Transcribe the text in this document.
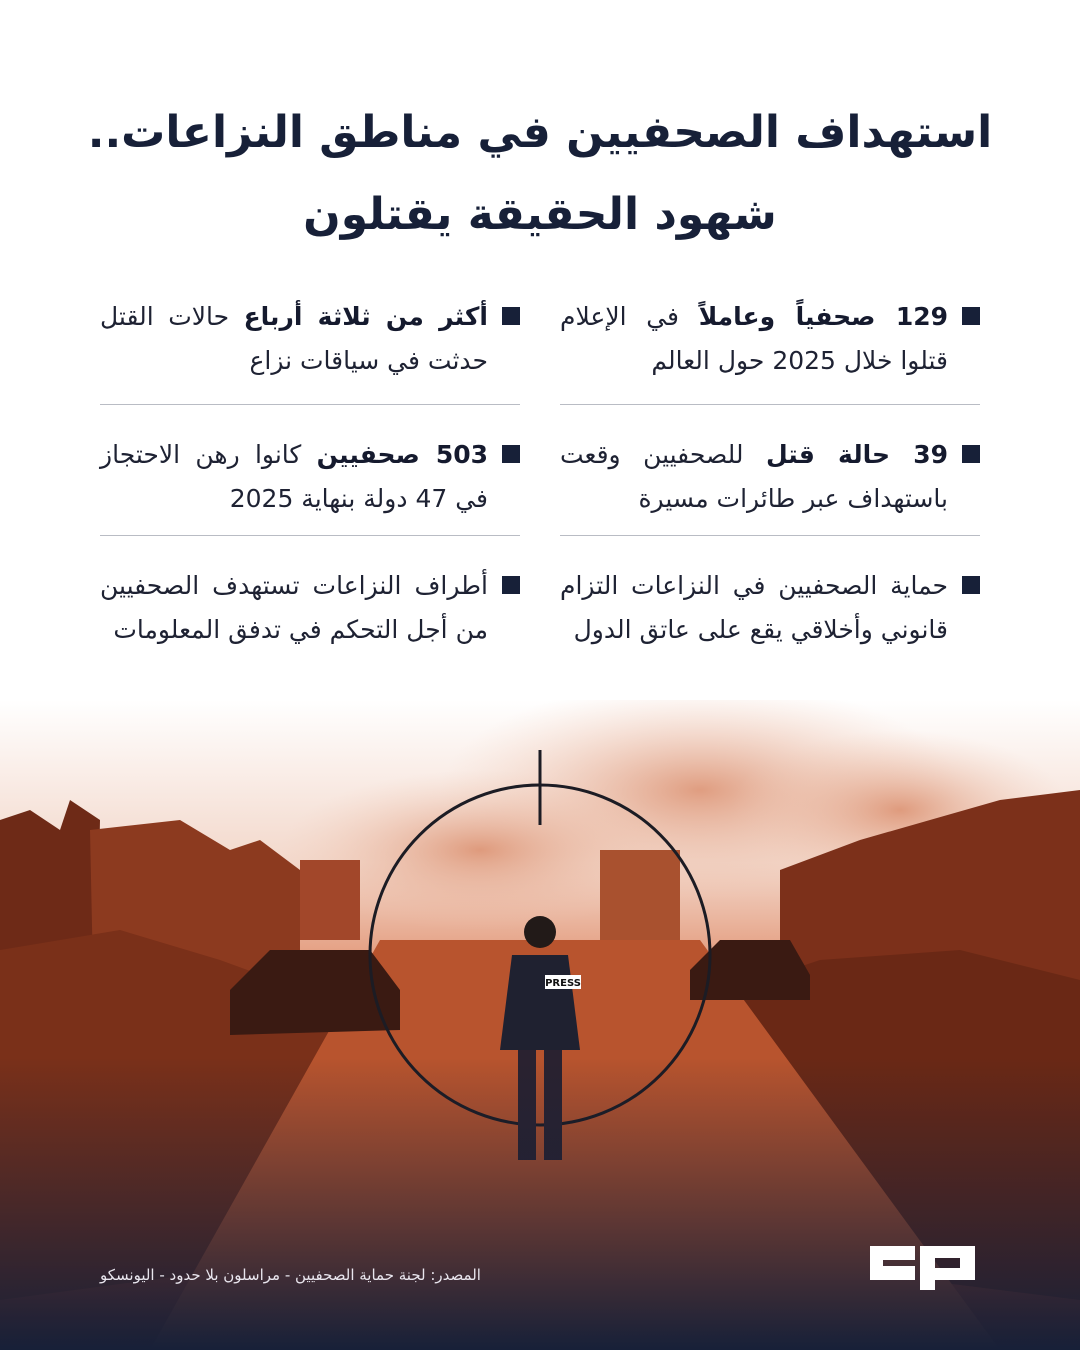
استهداف الصحفيين في مناطق النزاعات..
شهود الحقيقة يقتلون
129 صحفياً وعاملاً في الإعلام قتلوا خلال 2025 حول العالم
أكثر من ثلاثة أرباع حالات القتل حدثت في سياقات نزاع
39 حالة قتل للصحفيين وقعت باستهداف عبر طائرات مسيرة
503 صحفيين كانوا رهن الاحتجاز في 47 دولة بنهاية 2025
حماية الصحفيين في النزاعات التزام قانوني وأخلاقي يقع على عاتق الدول
أطراف النزاعات تستهدف الصحفيين من أجل التحكم في تدفق المعلومات
المصدر: لجنة حماية الصحفيين - مراسلون بلا حدود - اليونسكو
